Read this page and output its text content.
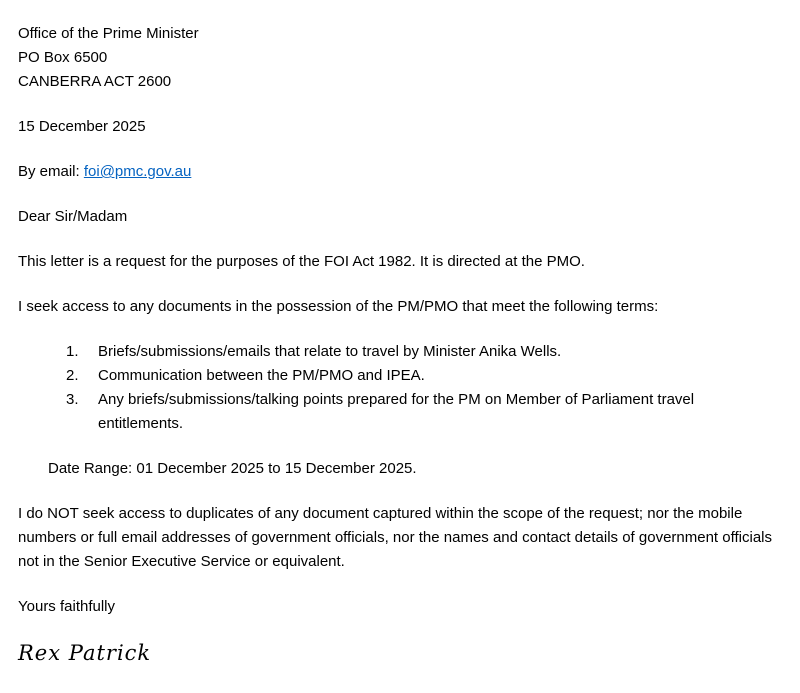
Office of the Prime Minister

PO Box 6500

CANBERRA ACT 2600

15 December 2025

By email: foi@pmc.gov.au

Dear Sir/Madam

This letter is a request for the purposes of the FOI Act 1982. It is directed at the PMO.

I seek access to any documents in the possession of the PM/PMO that meet the following terms:

Briefs/submissions/emails that relate to travel by Minister Anika Wells.
Communication between the PM/PMO and IPEA.
Any briefs/submissions/talking points prepared for the PM on Member of Parliament travel entitlements.

Date Range: 01 December 2025 to 15 December 2025.

I do NOT seek access to duplicates of any document captured within the scope of the request; nor the mobile numbers or full email addresses of government officials, nor the names and contact details of government officials not in the Senior Executive Service or equivalent.

Yours faithfully

Rex Patrick
